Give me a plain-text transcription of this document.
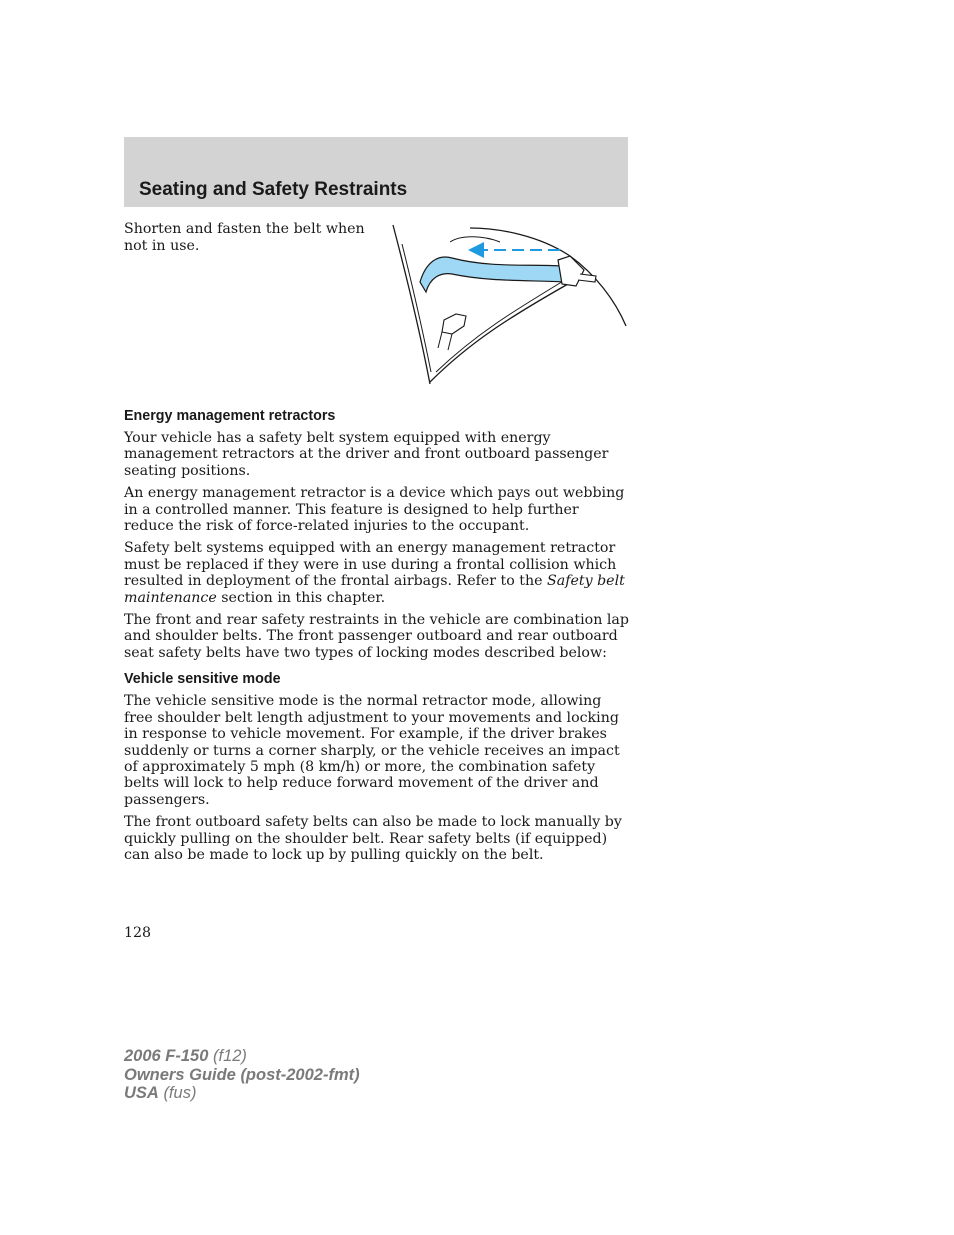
Seating and Safety Restraints

Shorten and fasten the belt when not in use.

Energy management retractors

Your vehicle has a safety belt system equipped with energy management retractors at the driver and front outboard passenger seating positions.

An energy management retractor is a device which pays out webbing in a controlled manner. This feature is designed to help further reduce the risk of force-related injuries to the occupant.

Safety belt systems equipped with an energy management retractor must be replaced if they were in use during a frontal collision which resulted in deployment of the frontal airbags. Refer to the Safety belt maintenance section in this chapter.

The front and rear safety restraints in the vehicle are combination lap and shoulder belts. The front passenger outboard and rear outboard seat safety belts have two types of locking modes described below:

Vehicle sensitive mode

The vehicle sensitive mode is the normal retractor mode, allowing free shoulder belt length adjustment to your movements and locking in response to vehicle movement. For example, if the driver brakes suddenly or turns a corner sharply, or the vehicle receives an impact of approximately 5 mph (8 km/h) or more, the combination safety belts will lock to help reduce forward movement of the driver and passengers.

The front outboard safety belts can also be made to lock manually by quickly pulling on the shoulder belt. Rear safety belts (if equipped) can also be made to lock up by pulling quickly on the belt.

128

2006 F-150 (f12)
Owners Guide (post-2002-fmt)
USA (fus)
